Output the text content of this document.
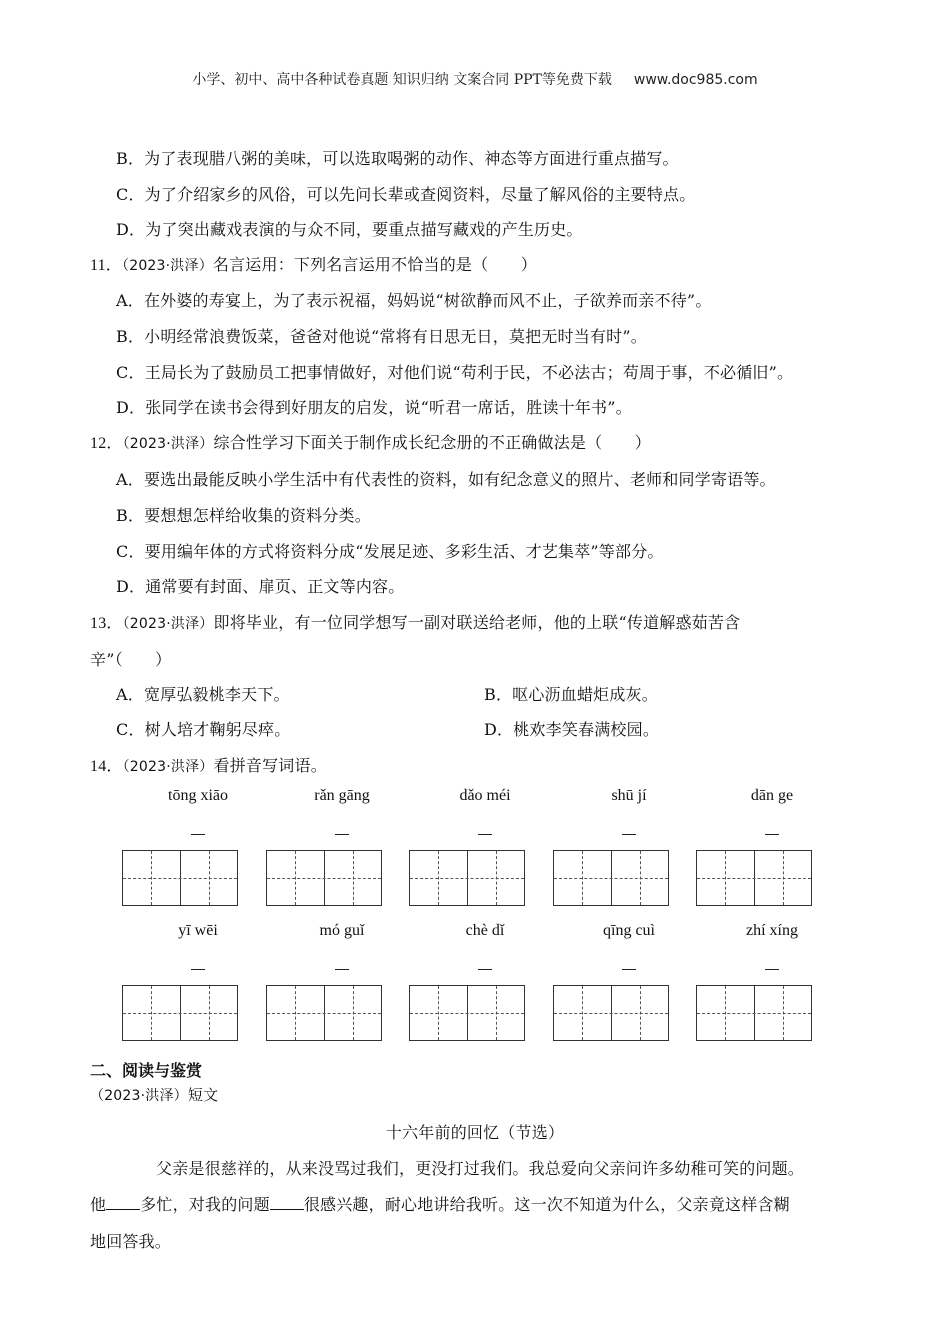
小学、初中、高中各种试卷真题 知识归纳 文案合同 PPT等免费下载 www.doc985.com
B．为了表现腊八粥的美味，可以选取喝粥的动作、神态等方面进行重点描写。
C．为了介绍家乡的风俗，可以先问长辈或查阅资料，尽量了解风俗的主要特点。
D．为了突出藏戏表演的与众不同，要重点描写藏戏的产生历史。
11．（2023·洪泽）名言运用：下列名言运用不恰当的是（　　）
A．在外婆的寿宴上，为了表示祝福，妈妈说“树欲静而风不止，子欲养而亲不待”。
B．小明经常浪费饭菜，爸爸对他说“常将有日思无日，莫把无时当有时”。
C．王局长为了鼓励员工把事情做好，对他们说“苟利于民，不必法古；苟周于事，不必循旧”。
D．张同学在读书会得到好朋友的启发，说“听君一席话，胜读十年书”。
12．（2023·洪泽）综合性学习下面关于制作成长纪念册的不正确做法是（　　）
A．要选出最能反映小学生活中有代表性的资料，如有纪念意义的照片、老师和同学寄语等。
B．要想想怎样给收集的资料分类。
C．要用编年体的方式将资料分成“发展足迹、多彩生活、才艺集萃”等部分。
D．通常要有封面、扉页、正文等内容。
13．（2023·洪泽）即将毕业，有一位同学想写一副对联送给老师，他的上联“传道解惑茹苦含
辛”（　　）
A．宽厚弘毅桃李天下。	B．呕心沥血蜡炬成灰。
C．树人培才鞠躬尽瘁。	D．桃欢李笑春满校园。
14．（2023·洪泽）看拼音写词语。
tōng xiāo	rǎn gāng	dǎo méi	shū jí	dān ge
—	—	—	—	—
yī wēi	mó guǐ	chè dǐ	qīng cuì	zhí xíng
—	—	—	—	—
二、阅读与鉴赏
（2023·洪泽）短文
十六年前的回忆（节选）
父亲是很慈祥的，从来没骂过我们，更没打过我们。我总爱向父亲问许多幼稚可笑的问题。
他 多忙，对我的问题 很感兴趣，耐心地讲给我听。这一次不知道为什么，父亲竟这样含糊
地回答我。
